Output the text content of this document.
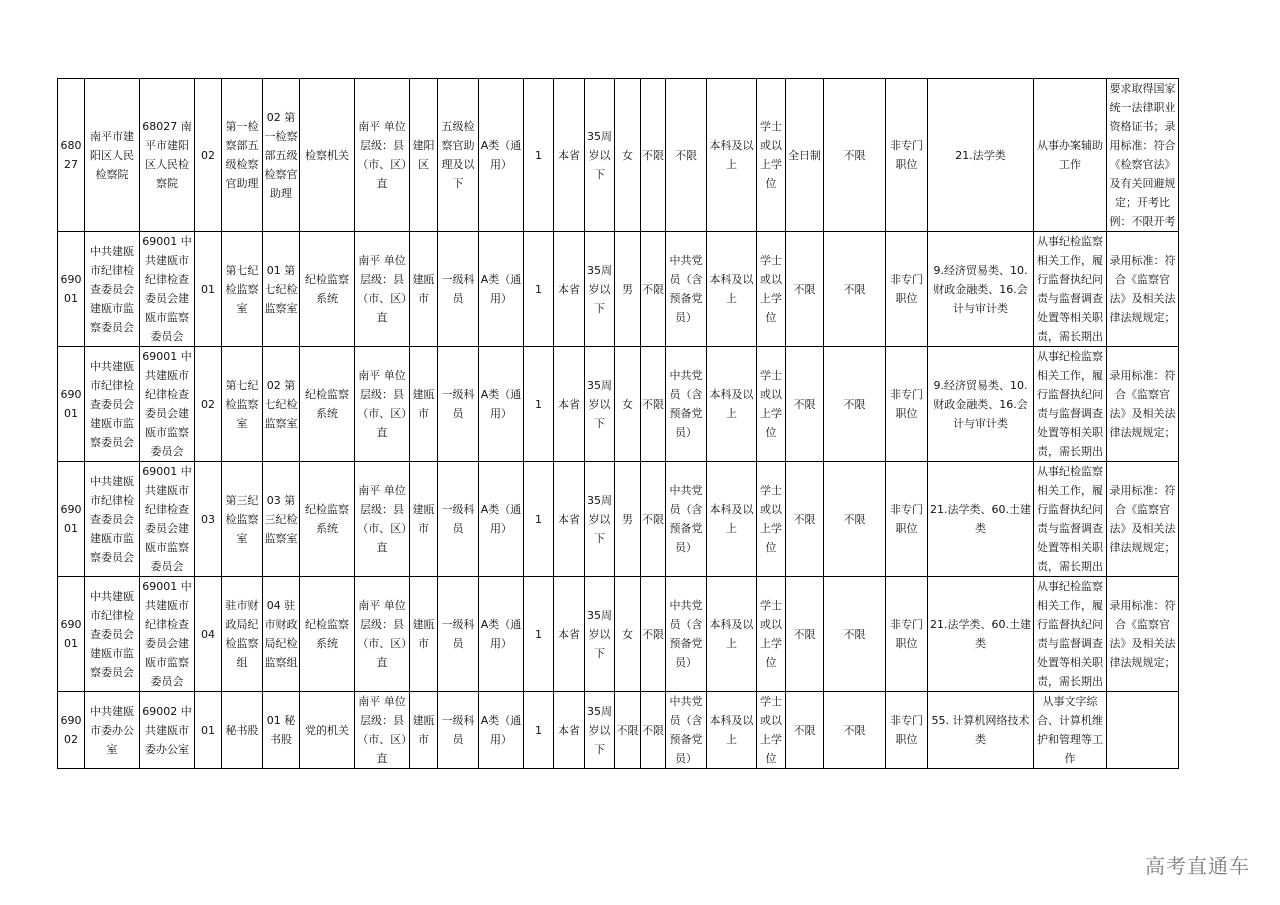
68027	南平市建阳区人民检察院	68027 南平市建阳区人民检察院	02	第一检察部五级检察官助理	02 第一检察部五级检察官助理	检察机关	南平 单位层级：县（市、区）直	建阳区	五级检察官助理及以下	A类（通用）	1	本省	35周岁以下	女	不限	不限	本科及以上	学士或以上学位	全日制	不限	非专门职位	21.法学类	从事办案辅助工作	要求取得国家统一法律职业资格证书；录用标准：符合《检察官法》及有关回避规定；开考比例：不限开考
69001	中共建瓯市纪律检查委员会建瓯市监察委员会	69001 中共建瓯市纪律检查委员会建瓯市监察委员会	01	第七纪检监察室	01 第七纪检监察室	纪检监察系统	南平 单位层级：县（市、区）直	建瓯市	一级科员	A类（通用）	1	本省	35周岁以下	男	不限	中共党员（含预备党员）	本科及以上	学士或以上学位	不限	不限	非专门职位	9.经济贸易类、10.财政金融类、16.会计与审计类	从事纪检监察相关工作，履行监督执纪问责与监督调查处置等相关职责，需长期出	录用标准：符合《监察官法》及相关法律法规规定；
69001	中共建瓯市纪律检查委员会建瓯市监察委员会	69001 中共建瓯市纪律检查委员会建瓯市监察委员会	02	第七纪检监察室	02 第七纪检监察室	纪检监察系统	南平 单位层级：县（市、区）直	建瓯市	一级科员	A类（通用）	1	本省	35周岁以下	女	不限	中共党员（含预备党员）	本科及以上	学士或以上学位	不限	不限	非专门职位	9.经济贸易类、10.财政金融类、16.会计与审计类	从事纪检监察相关工作，履行监督执纪问责与监督调查处置等相关职责，需长期出	录用标准：符合《监察官法》及相关法律法规规定；
69001	中共建瓯市纪律检查委员会建瓯市监察委员会	69001 中共建瓯市纪律检查委员会建瓯市监察委员会	03	第三纪检监察室	03 第三纪检监察室	纪检监察系统	南平 单位层级：县（市、区）直	建瓯市	一级科员	A类（通用）	1	本省	35周岁以下	男	不限	中共党员（含预备党员）	本科及以上	学士或以上学位	不限	不限	非专门职位	21.法学类、60.土建类	从事纪检监察相关工作，履行监督执纪问责与监督调查处置等相关职责，需长期出	录用标准：符合《监察官法》及相关法律法规规定；
69001	中共建瓯市纪律检查委员会建瓯市监察委员会	69001 中共建瓯市纪律检查委员会建瓯市监察委员会	04	驻市财政局纪检监察组	04 驻市财政局纪检监察组	纪检监察系统	南平 单位层级：县（市、区）直	建瓯市	一级科员	A类（通用）	1	本省	35周岁以下	女	不限	中共党员（含预备党员）	本科及以上	学士或以上学位	不限	不限	非专门职位	21.法学类、60.土建类	从事纪检监察相关工作，履行监督执纪问责与监督调查处置等相关职责，需长期出	录用标准：符合《监察官法》及相关法律法规规定；
69002	中共建瓯市委办公室	69002 中共建瓯市委办公室	01	秘书股	01 秘书股	党的机关	南平 单位层级：县（市、区）直	建瓯市	一级科员	A类（通用）	1	本省	35周岁以下	不限	不限	中共党员（含预备党员）	本科及以上	学士或以上学位	不限	不限	非专门职位	55. 计算机网络技术类	从事文字综合、计算机维护和管理等工作	
高考直通车
